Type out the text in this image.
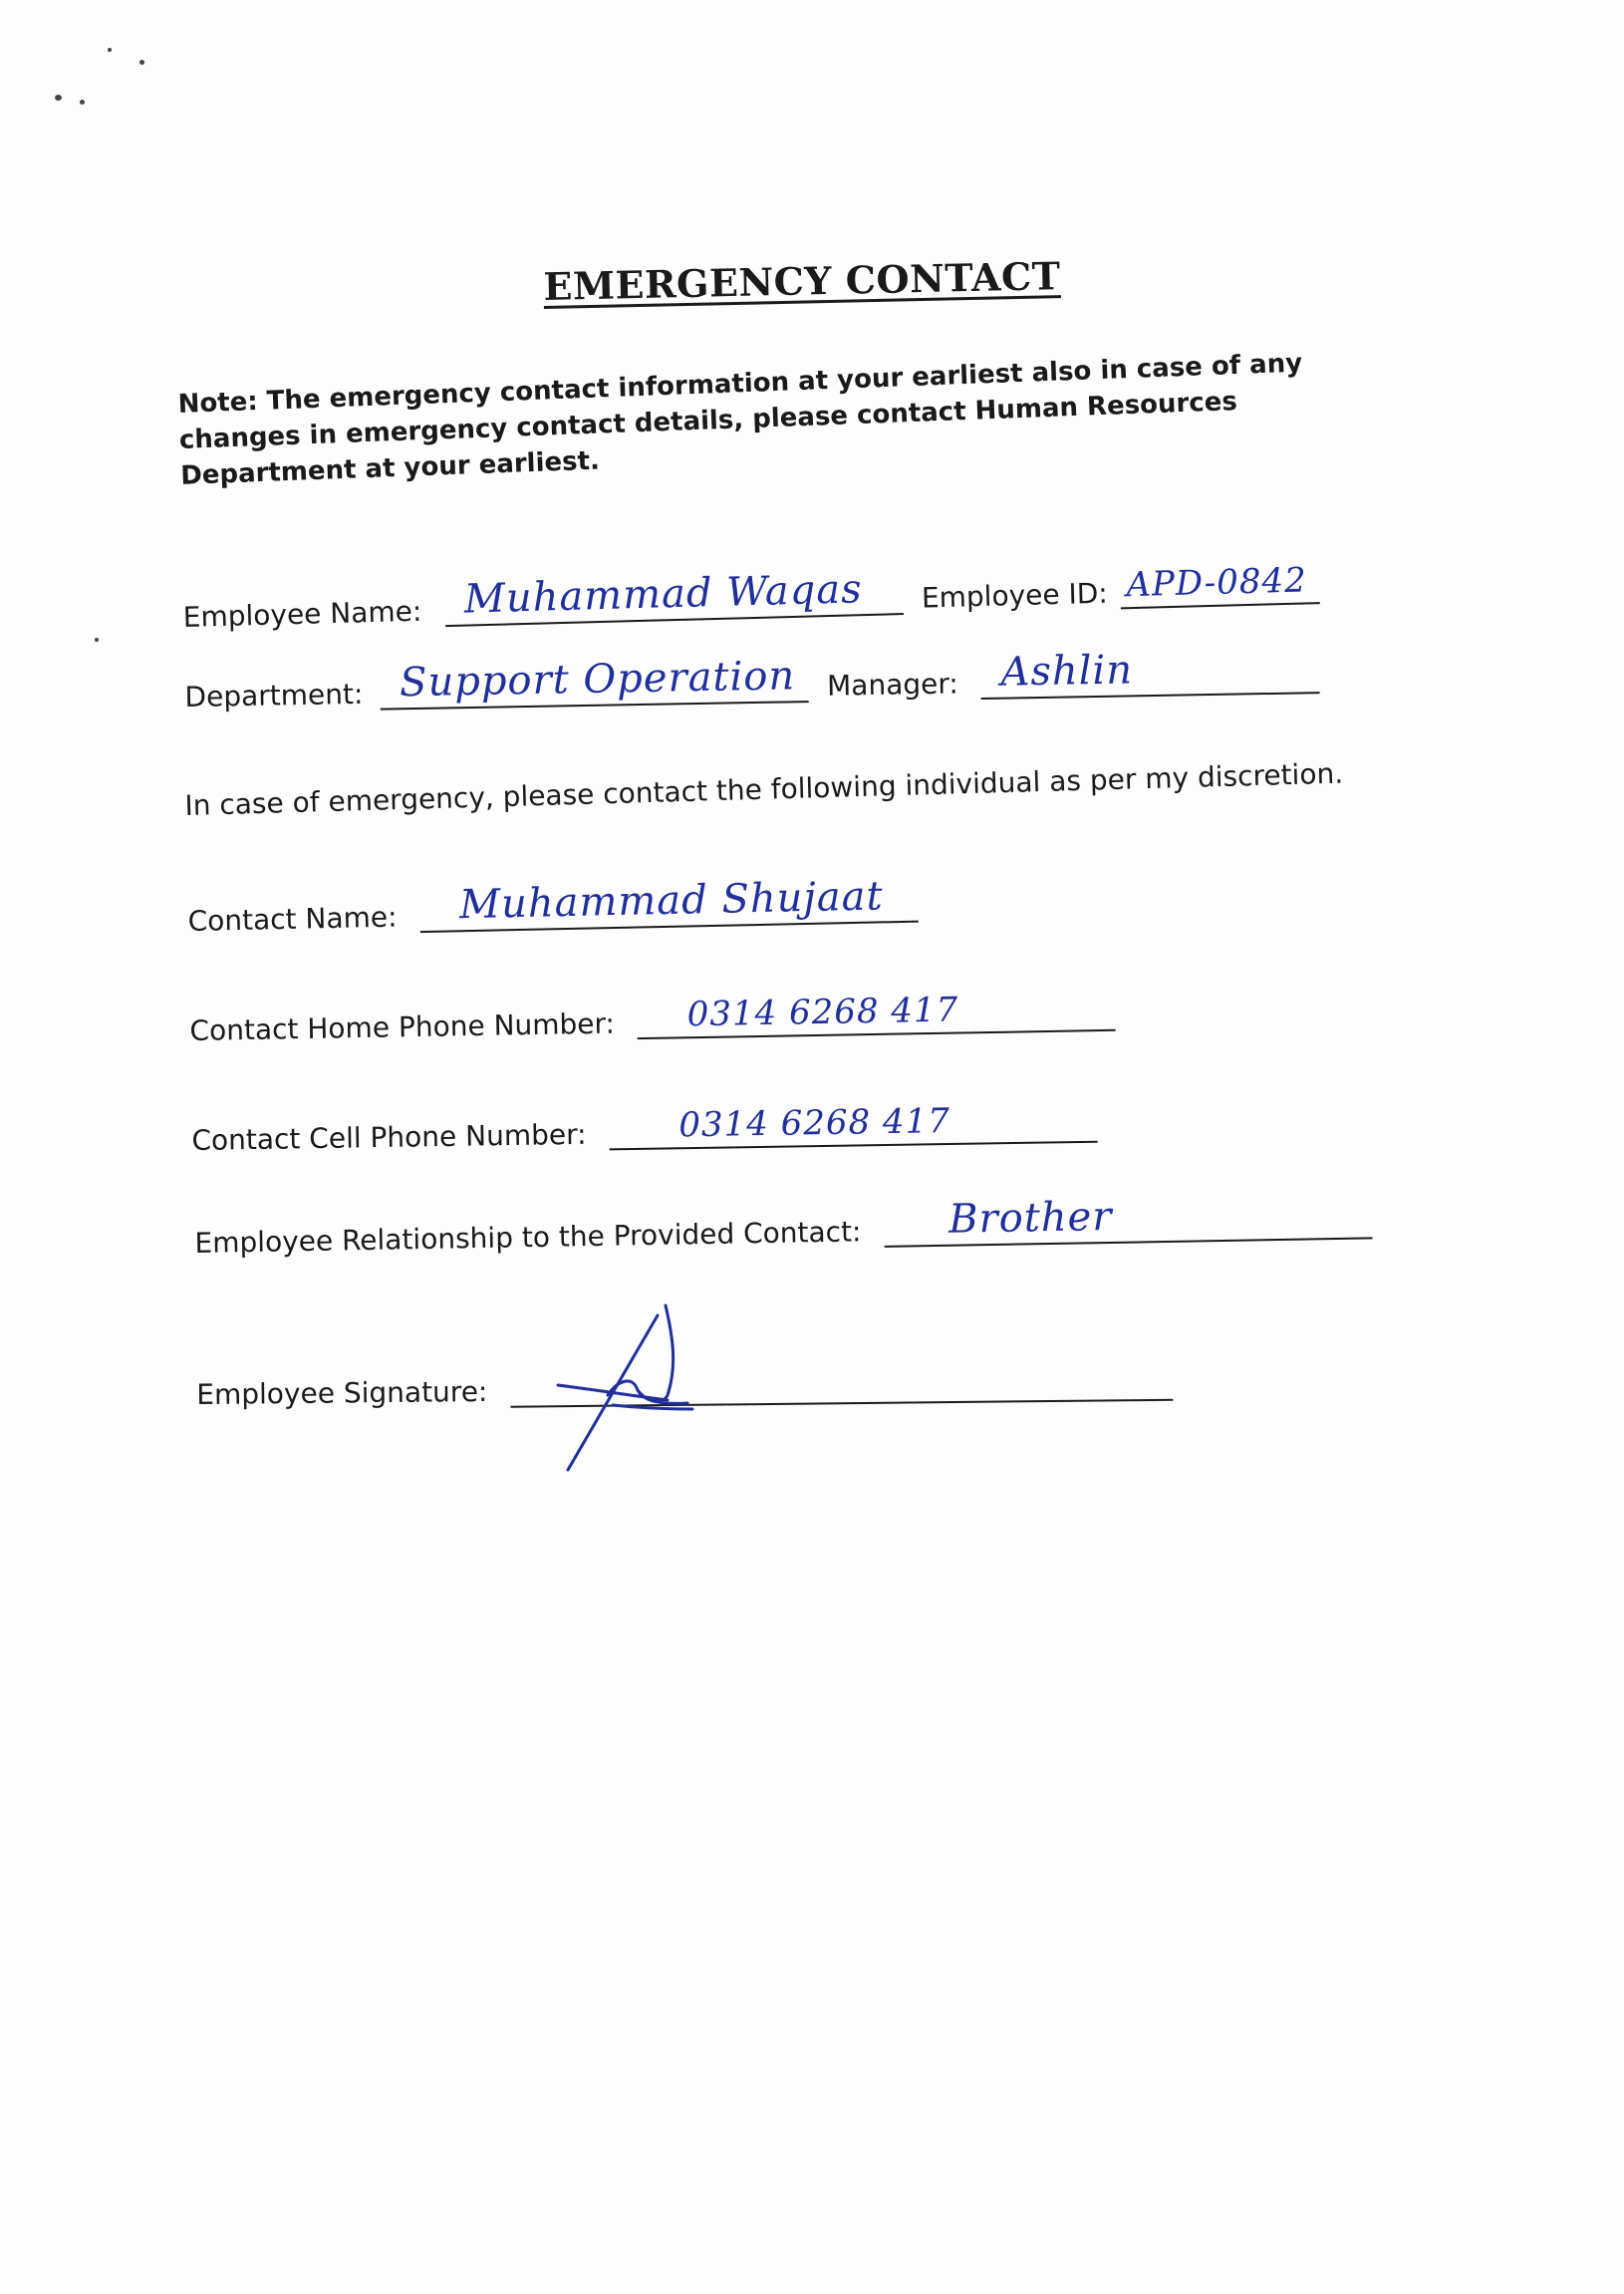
EMERGENCY CONTACT
Note: The emergency contact information at your earliest also in case of any changes in emergency contact details, please contact Human Resources Department at your earliest.
Employee Name: Muhammad Waqas Employee ID: APD-0842
Department: Support Operation Manager: Ashlin
In case of emergency, please contact the following individual as per my discretion.
Contact Name: Muhammad Shujaat
Contact Home Phone Number: 0314 6268 417
Contact Cell Phone Number:	0314 6268 417
Employee Relationship to the Provided Contact: Brother
Employee Signature:
